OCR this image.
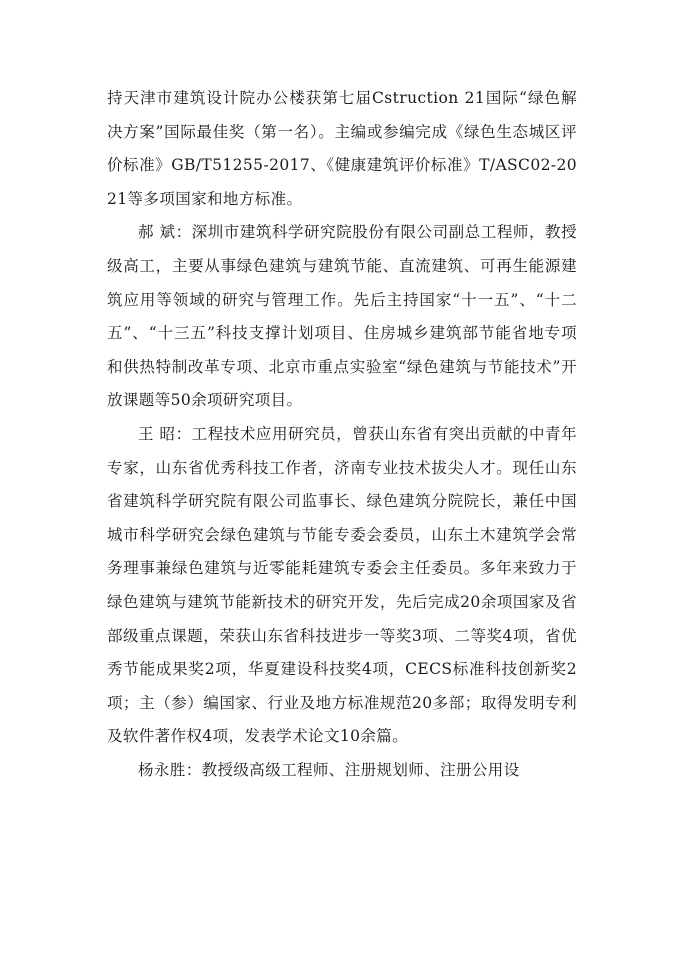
持天津市建筑设计院办公楼获第七届Cstruction 21国际“绿色解决方案”国际最佳奖（第一名）。主编或参编完成《绿色生态城区评价标准》GB/T51255-2017、《健康建筑评价标准》T/ASC02-2021等多项国家和地方标准。

郝 斌：深圳市建筑科学研究院股份有限公司副总工程师，教授级高工，主要从事绿色建筑与建筑节能、直流建筑、可再生能源建筑应用等领域的研究与管理工作。先后主持国家“十一五”、“十二五”、“十三五”科技支撑计划项目、住房城乡建筑部节能省地专项和供热特制改革专项、北京市重点实验室“绿色建筑与节能技术”开放课题等50余项研究项目。

王 昭：工程技术应用研究员，曾获山东省有突出贡献的中青年专家，山东省优秀科技工作者，济南专业技术拔尖人才。现任山东省建筑科学研究院有限公司监事长、绿色建筑分院院长，兼任中国城市科学研究会绿色建筑与节能专委会委员，山东土木建筑学会常务理事兼绿色建筑与近零能耗建筑专委会主任委员。多年来致力于绿色建筑与建筑节能新技术的研究开发，先后完成20余项国家及省部级重点课题，荣获山东省科技进步一等奖3项、二等奖4项，省优秀节能成果奖2项，华夏建设科技奖4项，CECS标准科技创新奖2项；主（参）编国家、行业及地方标准规范20多部；取得发明专利及软件著作权4项，发表学术论文10余篇。

杨永胜：教授级高级工程师、注册规划师、注册公用设
